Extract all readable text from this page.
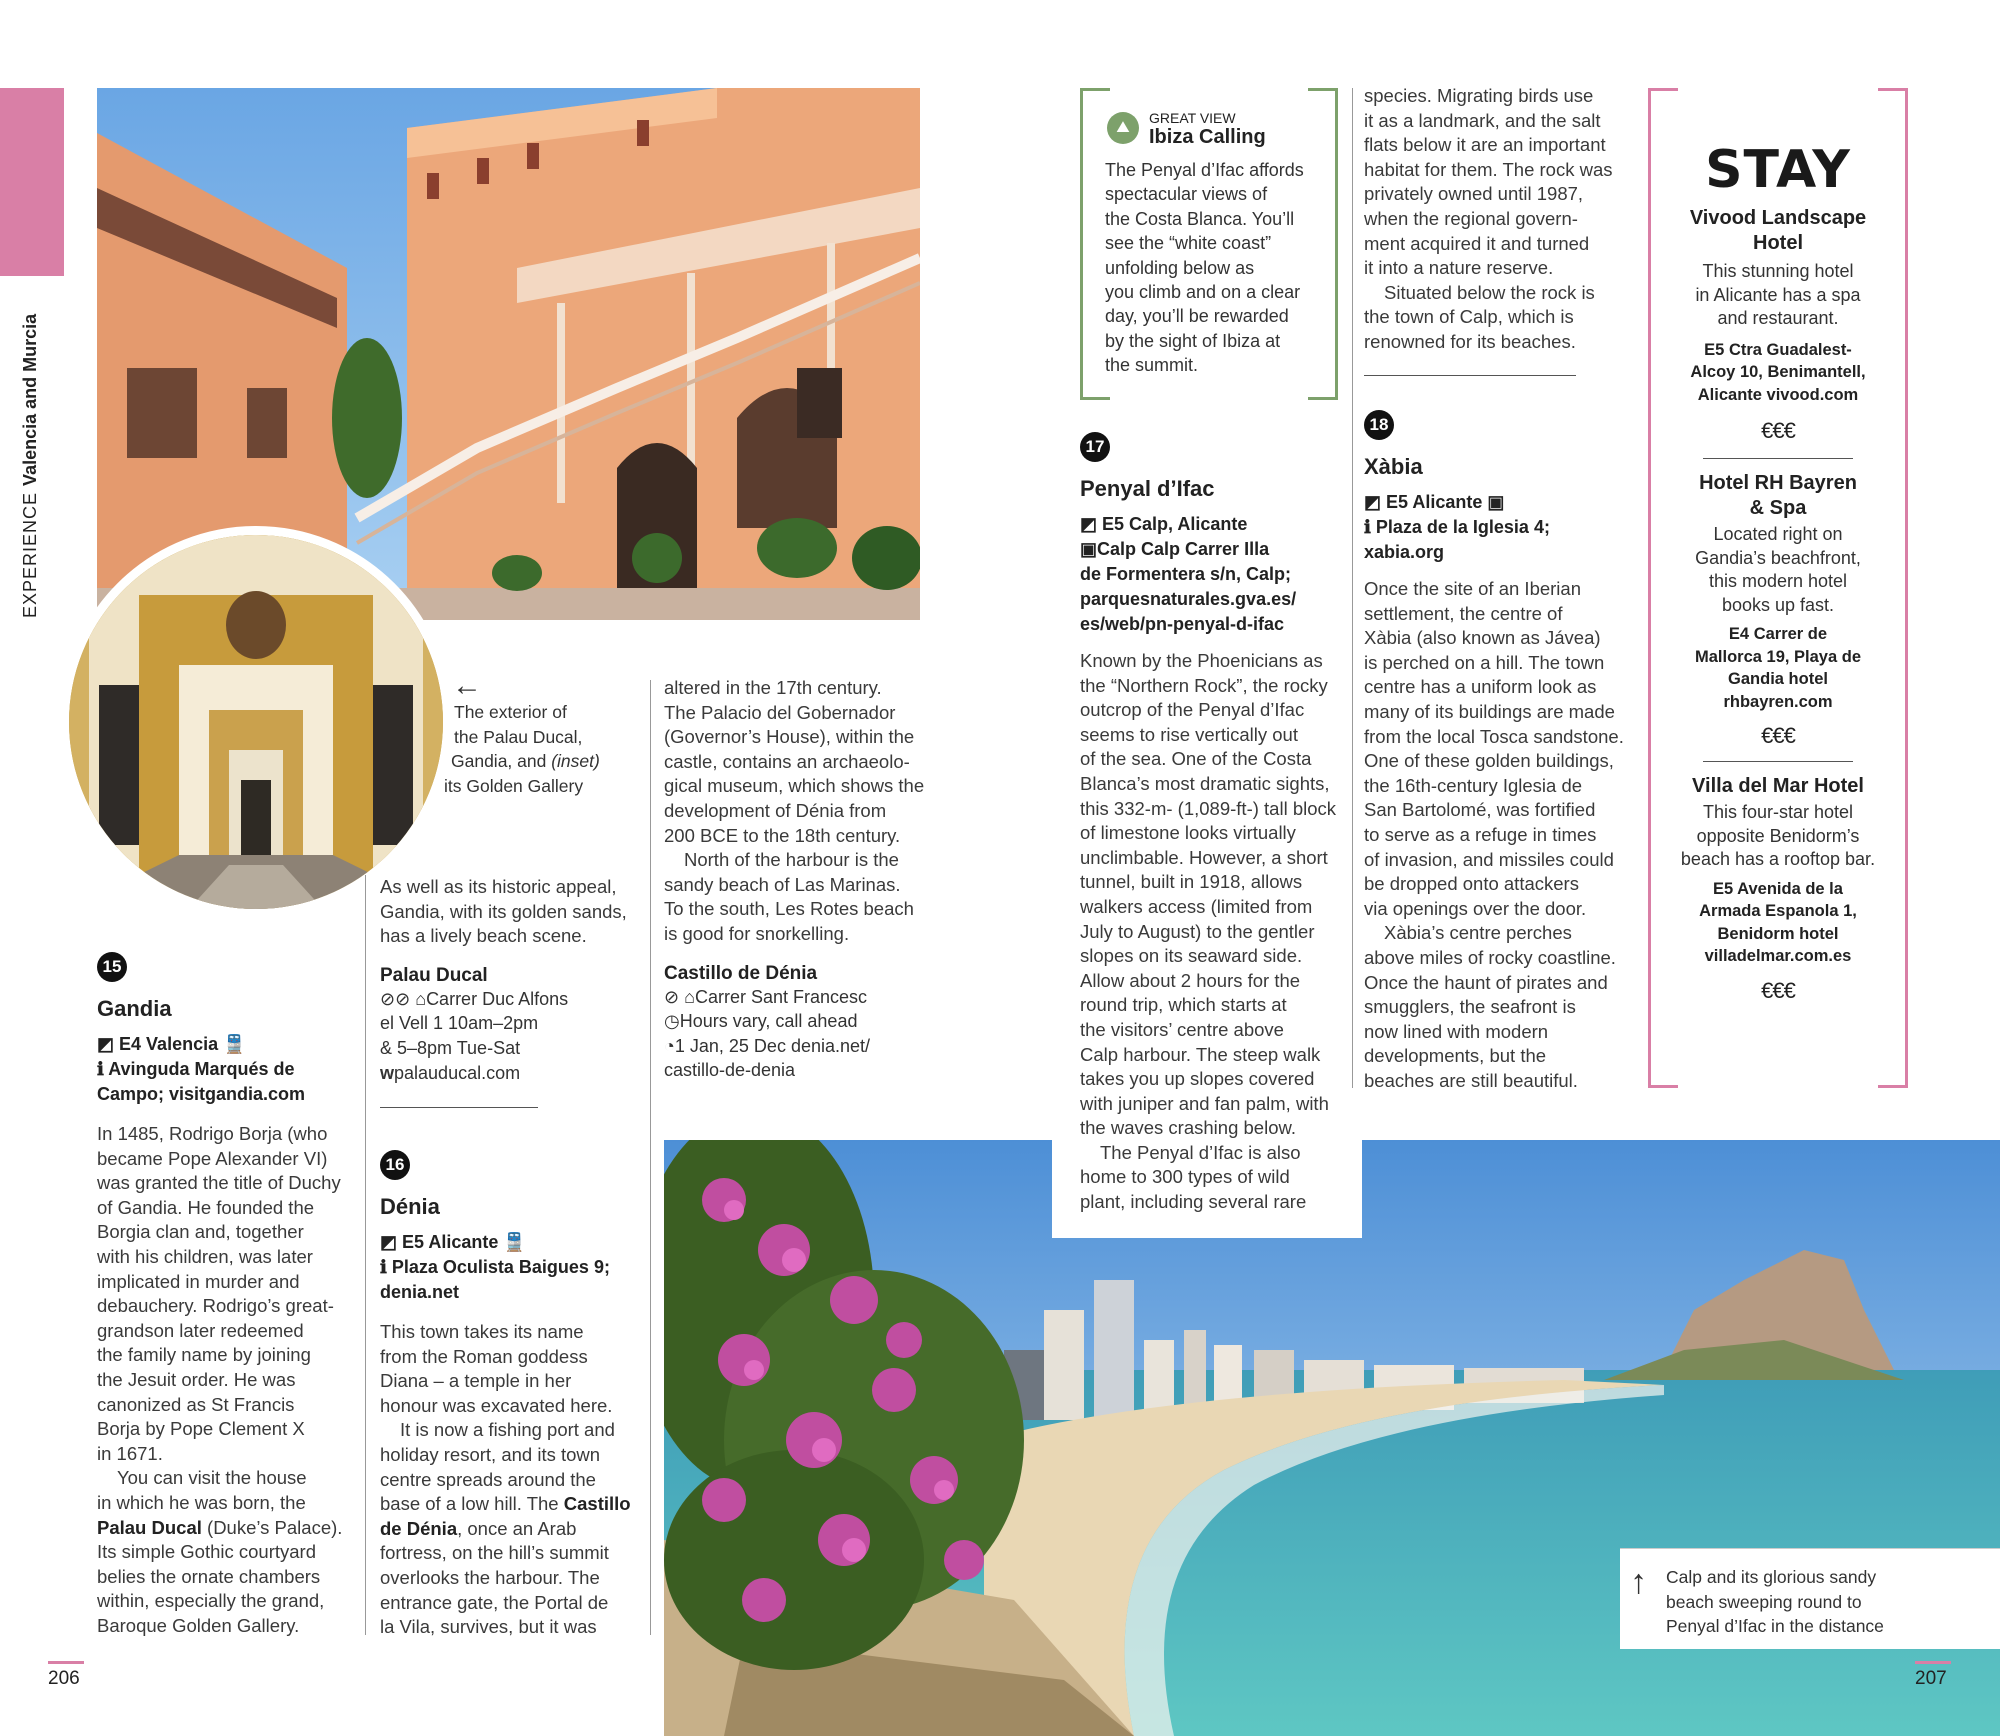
EXPERIENCE Valencia and Murcia
←
The exterior of
the Palau Ducal,
Gandia, and (inset)
its Golden Gallery
15
Gandia
◩ E4 Valencia 🚆
ℹ Avinguda Marqués de
Campo; visitgandia.com
In 1485, Rodrigo Borja (who
became Pope Alexander VI)
was granted the title of Duchy
of Gandia. He founded the
Borgia clan and, together
with his children, was later
implicated in murder and
debauchery. Rodrigo’s great-
grandson later redeemed
the family name by joining
the Jesuit order. He was
canonized as St Francis
Borja by Pope Clement X
in 1671.
You can visit the house
in which he was born, the
Palau Ducal (Duke’s Palace).
Its simple Gothic courtyard
belies the ornate chambers
within, especially the grand,
Baroque Golden Gallery.
As well as its historic appeal,
Gandia, with its golden sands,
has a lively beach scene.
Palau Ducal
⊘⊘ ⌂Carrer Duc Alfons
el Vell 1 10am–2pm
& 5–8pm Tue-Sat
wpalauducal.com
16
Dénia
◩ E5 Alicante 🚆
ℹ Plaza Oculista Baigues 9;
denia.net
This town takes its name
from the Roman goddess
Diana – a temple in her
honour was excavated here.
It is now a fishing port and
holiday resort, and its town
centre spreads around the
base of a low hill. The Castillo
de Dénia, once an Arab
fortress, on the hill’s summit
overlooks the harbour. The
entrance gate, the Portal de
la Vila, survives, but it was
altered in the 17th century.
The Palacio del Gobernador
(Governor’s House), within the
castle, contains an archaeolo-
gical museum, which shows the
development of Dénia from
200 BCE to the 18th century.
North of the harbour is the
sandy beach of Las Marinas.
To the south, Les Rotes beach
is good for snorkelling.
Castillo de Dénia
⊘ ⌂Carrer Sant Francesc
◷Hours vary, call ahead
◔1 Jan, 25 Dec denia.net/
castillo-de-denia
↑ Calp and its glorious sandy
beach sweeping round to
Penyal d’Ifac in the distance
⛰
GREAT VIEW
Ibiza Calling
The Penyal d’Ifac affords
spectacular views of
the Costa Blanca. You’ll
see the “white coast”
unfolding below as
you climb and on a clear
day, you’ll be rewarded
by the sight of Ibiza at
the summit.
17
Penyal d’Ifac
◩ E5 Calp, Alicante
▣Calp Calp Carrer Illa
de Formentera s/n, Calp;
parquesnaturales.gva.es/
es/web/pn-penyal-d-ifac
Known by the Phoenicians as
the “Northern Rock”, the rocky
outcrop of the Penyal d’Ifac
seems to rise vertically out
of the sea. One of the Costa
Blanca’s most dramatic sights,
this 332-m- (1,089-ft-) tall block
of limestone looks virtually
unclimbable. However, a short
tunnel, built in 1918, allows
walkers access (limited from
July to August) to the gentler
slopes on its seaward side.
Allow about 2 hours for the
round trip, which starts at
the visitors’ centre above
Calp harbour. The steep walk
takes you up slopes covered
with juniper and fan palm, with
the waves crashing below.
The Penyal d’Ifac is also
home to 300 types of wild
plant, including several rare
species. Migrating birds use
it as a landmark, and the salt
flats below it are an important
habitat for them. The rock was
privately owned until 1987,
when the regional govern-
ment acquired it and turned
it into a nature reserve.
Situated below the rock is
the town of Calp, which is
renowned for its beaches.
18
Xàbia
◩ E5 Alicante ▣
ℹ Plaza de la Iglesia 4;
xabia.org
Once the site of an Iberian
settlement, the centre of
Xàbia (also known as Jávea)
is perched on a hill. The town
centre has a uniform look as
many of its buildings are made
from the local Tosca sandstone.
One of these golden buildings,
the 16th-century Iglesia de
San Bartolomé, was fortified
to serve as a refuge in times
of invasion, and missiles could
be dropped onto attackers
via openings over the door.
Xàbia’s centre perches
above miles of rocky coastline.
Once the haunt of pirates and
smugglers, the seafront is
now lined with modern
developments, but the
beaches are still beautiful.
STAY
Vivood Landscape
Hotel
This stunning hotel
in Alicante has a spa
and restaurant.
E5 Ctra Guadalest-
Alcoy 10, Benimantell,
Alicante vivood.com
€€€
Hotel RH Bayren
& Spa
Located right on
Gandia’s beachfront,
this modern hotel
books up fast.
E4 Carrer de
Mallorca 19, Playa de
Gandia hotel
rhbayren.com
€€€
Villa del Mar Hotel
This four-star hotel
opposite Benidorm’s
beach has a rooftop bar.
E5 Avenida de la
Armada Espanola 1,
Benidorm hotel
villadelmar.com.es
€€€
206	207
